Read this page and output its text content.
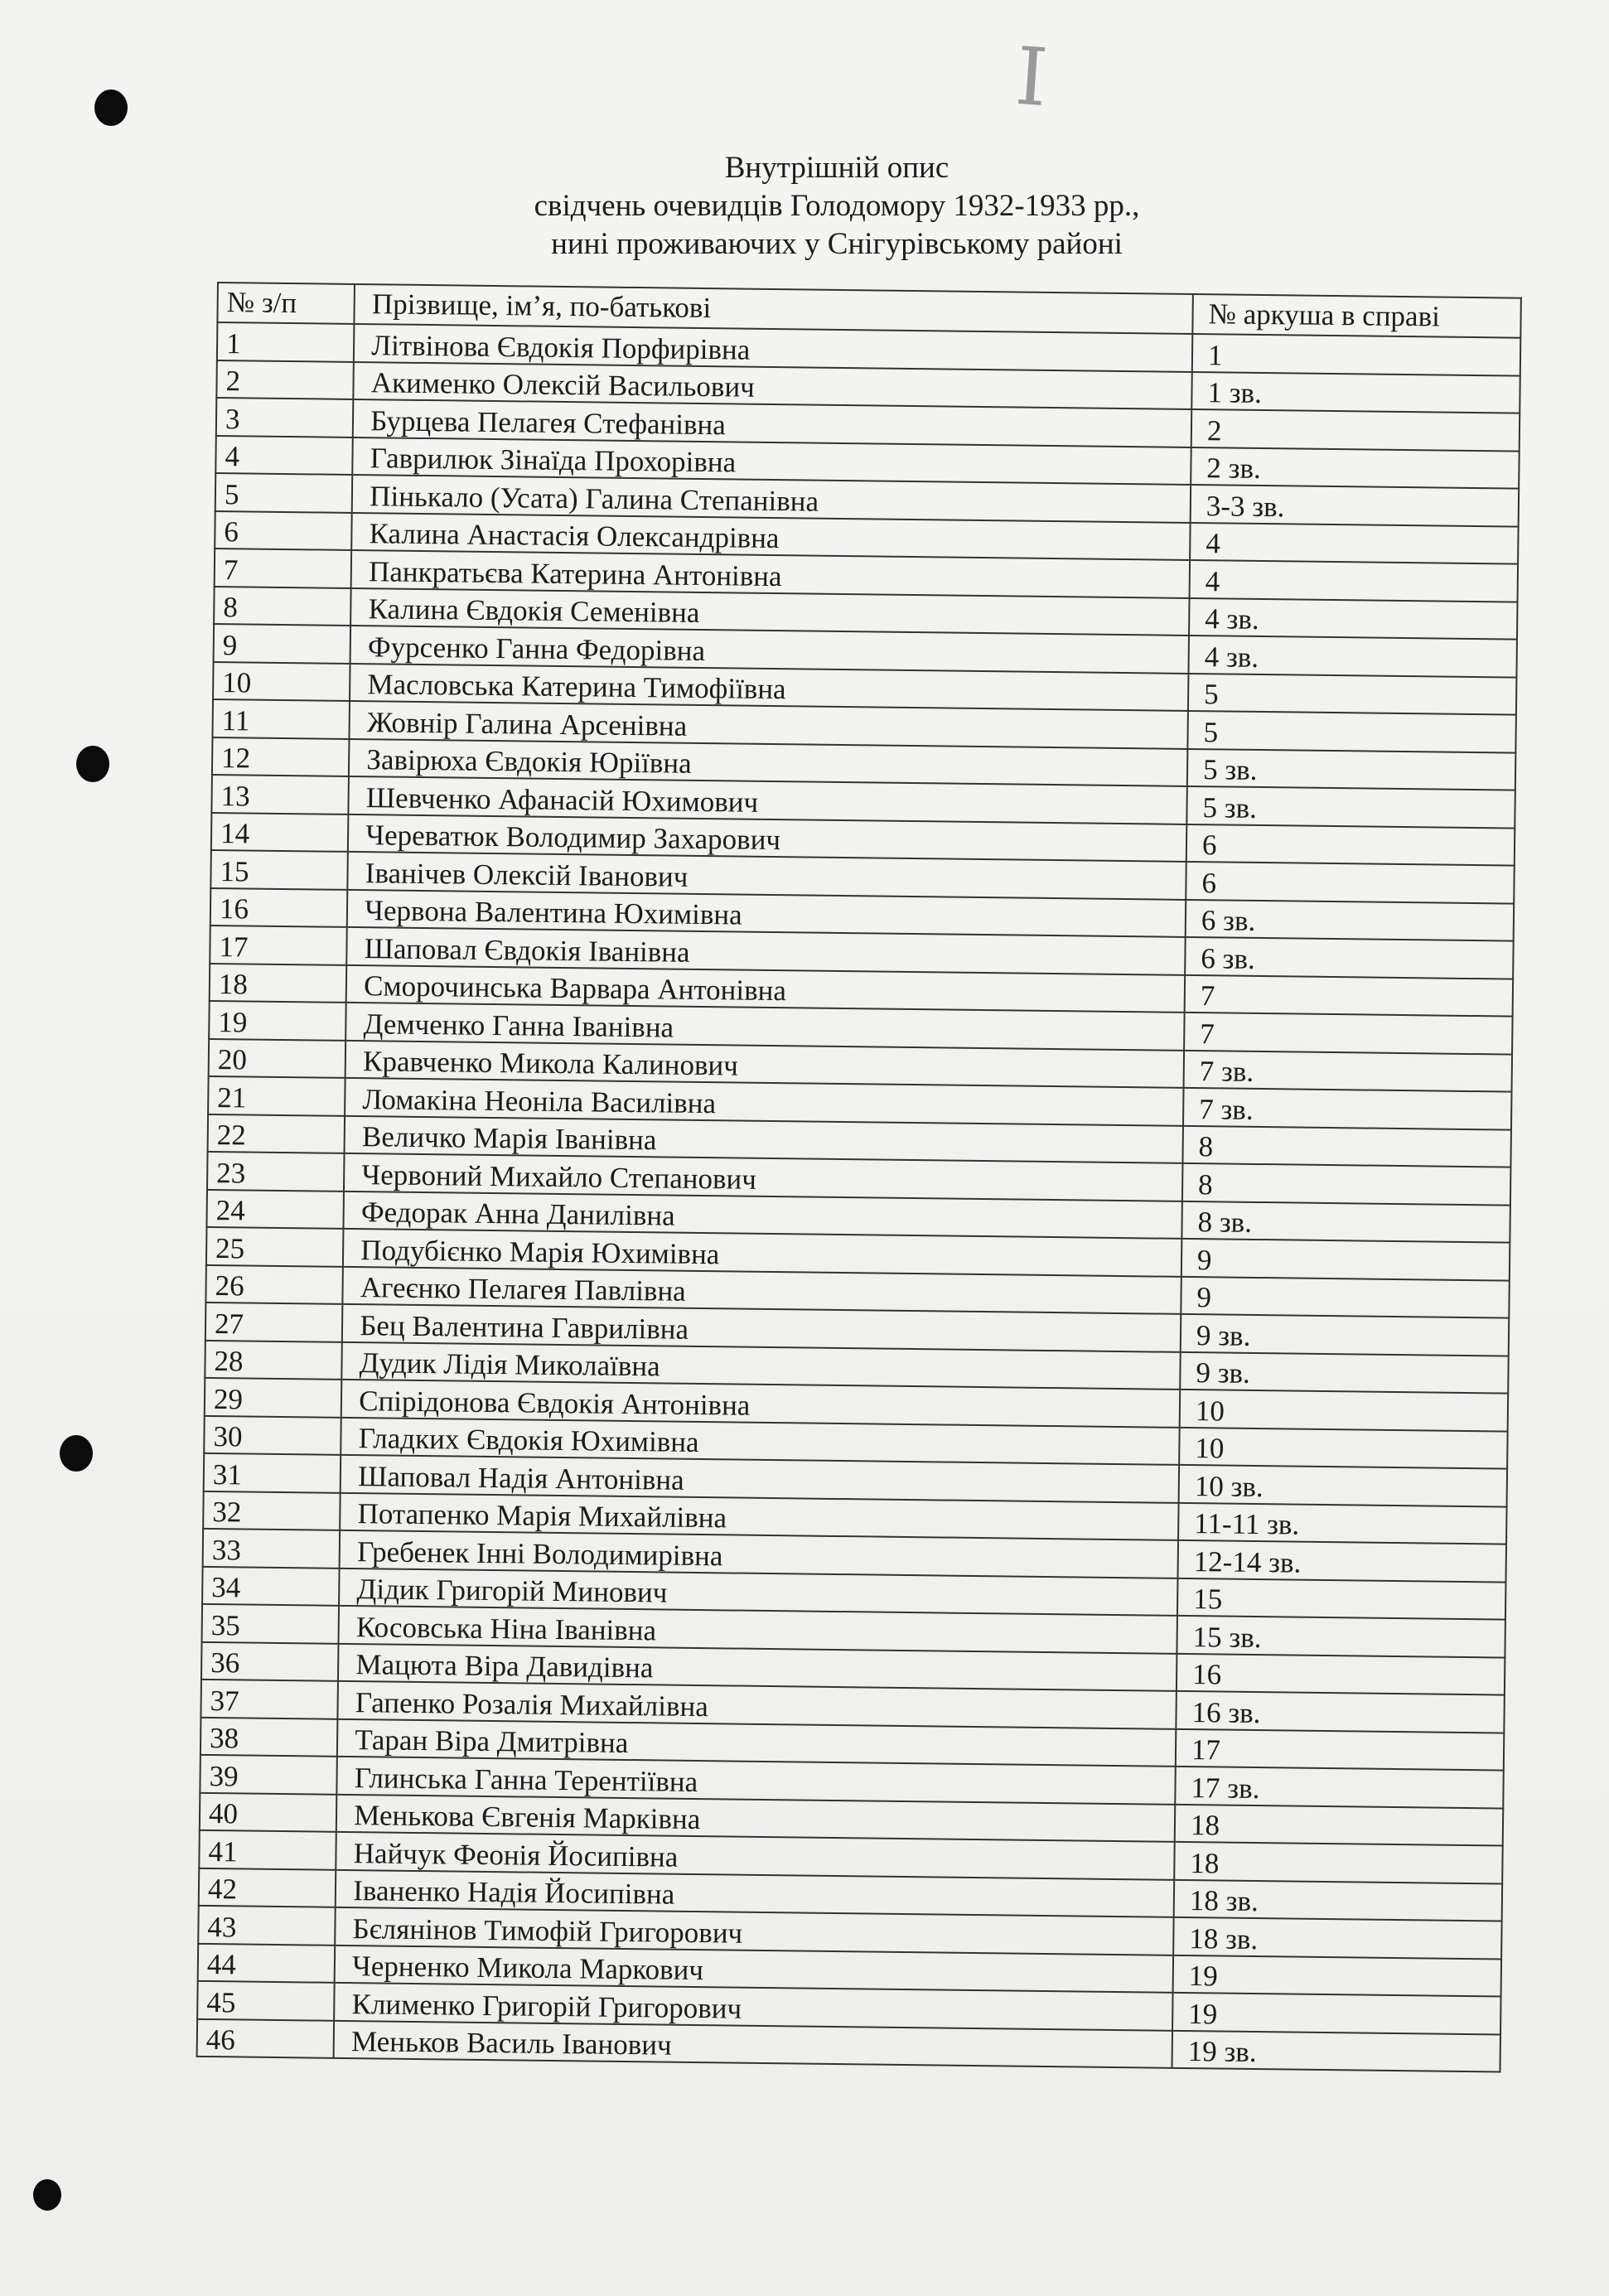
I
Внутрішній опис
свідчень очевидців Голодомору 1932-1933 рр.,
нині проживаючих у Снігурівському районі
№ з/п	Прізвище, ім’я, по-батькові	№ аркуша в справі
1	Літвінова Євдокія Порфирівна	1
2	Акименко Олексій Васильович	1 зв.
3	Бурцева Пелагея Стефанівна	2
4	Гаврилюк Зінаїда Прохорівна	2 зв.
5	Пінькало (Усата) Галина Степанівна	3-3 зв.
6	Калина Анастасія Олександрівна	4
7	Панкратьєва Катерина Антонівна	4
8	Калина Євдокія Семенівна	4 зв.
9	Фурсенко Ганна Федорівна	4 зв.
10	Масловська Катерина Тимофіївна	5
11	Жовнір Галина Арсенівна	5
12	Завірюха Євдокія Юріївна	5 зв.
13	Шевченко Афанасій Юхимович	5 зв.
14	Череватюк Володимир Захарович	6
15	Іванічев Олексій Іванович	6
16	Червона Валентина Юхимівна	6 зв.
17	Шаповал Євдокія Іванівна	6 зв.
18	Сморочинська Варвара Антонівна	7
19	Демченко Ганна Іванівна	7
20	Кравченко Микола Калинович	7 зв.
21	Ломакіна Неоніла Василівна	7 зв.
22	Величко Марія Іванівна	8
23	Червоний Михайло Степанович	8
24	Федорак Анна Данилівна	8 зв.
25	Подубієнко Марія Юхимівна	9
26	Агеєнко Пелагея Павлівна	9
27	Бец Валентина Гаврилівна	9 зв.
28	Дудик Лідія Миколаївна	9 зв.
29	Спірідонова Євдокія Антонівна	10
30	Гладких Євдокія Юхимівна	10
31	Шаповал Надія Антонівна	10 зв.
32	Потапенко Марія Михайлівна	11-11 зв.
33	Гребенек Інні Володимирівна	12-14 зв.
34	Дідик Григорій Минович	15
35	Косовська Ніна Іванівна	15 зв.
36	Мацюта Віра Давидівна	16
37	Гапенко Розалія Михайлівна	16 зв.
38	Таран Віра Дмитрівна	17
39	Глинська Ганна Терентіївна	17 зв.
40	Менькова Євгенія Марківна	18
41	Найчук Феонія Йосипівна	18
42	Іваненко Надія Йосипівна	18 зв.
43	Бєлянінов Тимофій Григорович	18 зв.
44	Черненко Микола Маркович	19
45	Клименко Григорій Григорович	19
46	Меньков Василь Іванович	19 зв.
